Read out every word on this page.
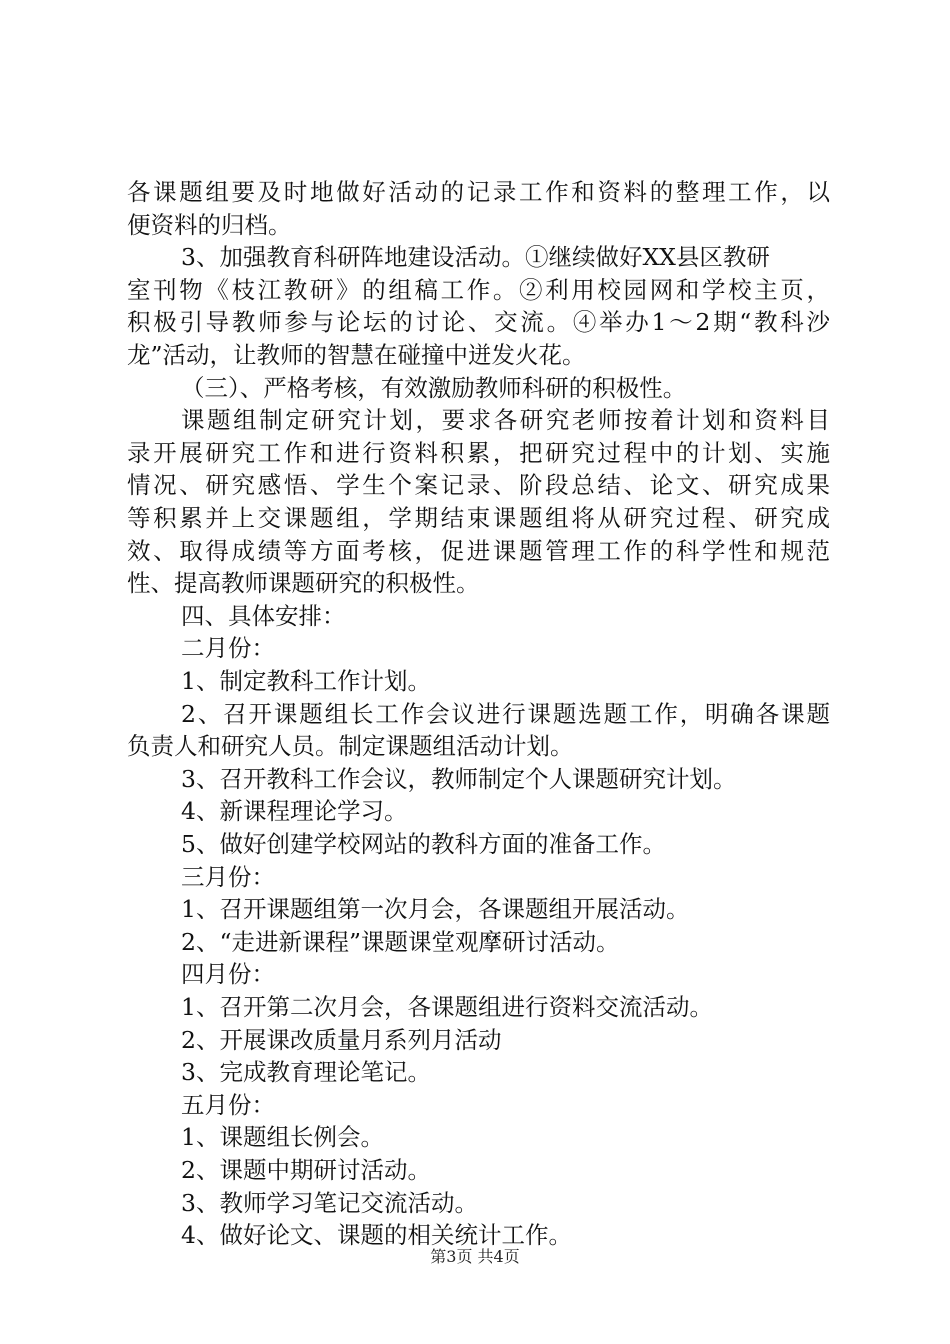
各课题组要及时地做好活动的记录工作和资料的整理工作，以
便资料的归档。
3、加强教育科研阵地建设活动。①继续做好XX县区教研
室刊物《枝江教研》的组稿工作。②利用校园网和学校主页，
积极引导教师参与论坛的讨论、交流。④举办1～2期“教科沙
龙”活动，让教师的智慧在碰撞中迸发火花。
（三）、严格考核，有效激励教师科研的积极性。
课题组制定研究计划，要求各研究老师按着计划和资料目
录开展研究工作和进行资料积累，把研究过程中的计划、实施
情况、研究感悟、学生个案记录、阶段总结、论文、研究成果
等积累并上交课题组，学期结束课题组将从研究过程、研究成
效、取得成绩等方面考核，促进课题管理工作的科学性和规范
性、提高教师课题研究的积极性。
四、具体安排：
二月份：
1、制定教科工作计划。
2、召开课题组长工作会议进行课题选题工作，明确各课题
负责人和研究人员。制定课题组活动计划。
3、召开教科工作会议，教师制定个人课题研究计划。
4、新课程理论学习。
5、做好创建学校网站的教科方面的准备工作。
三月份：
1、召开课题组第一次月会，各课题组开展活动。
2、“走进新课程”课题课堂观摩研讨活动。
四月份：
1、召开第二次月会，各课题组进行资料交流活动。
2、开展课改质量月系列月活动
3、完成教育理论笔记。
五月份：
1、课题组长例会。
2、课题中期研讨活动。
3、教师学习笔记交流活动。
4、做好论文、课题的相关统计工作。
第3页 共4页
